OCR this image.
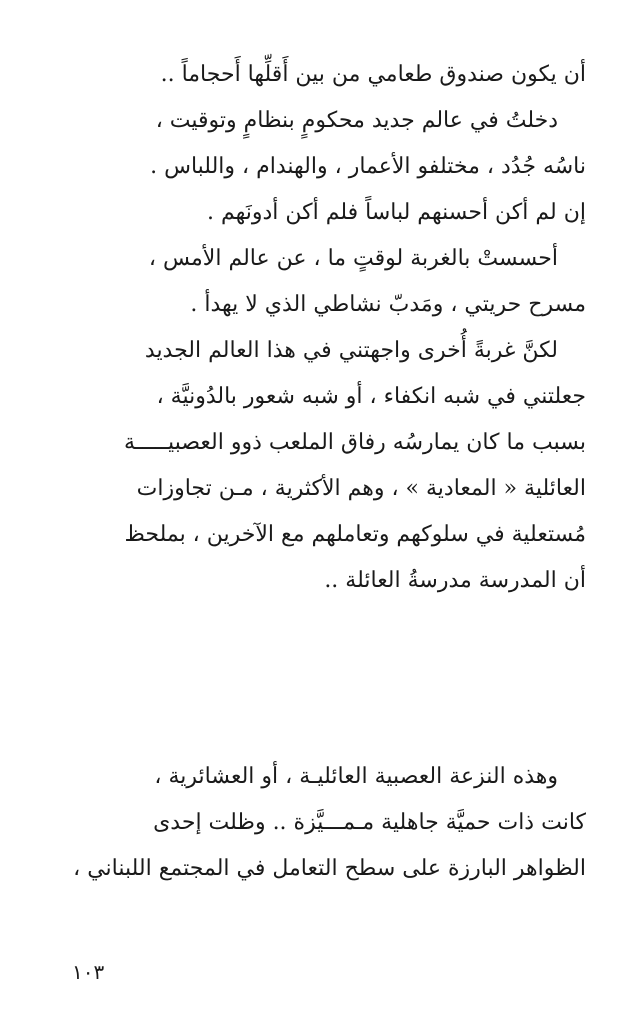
أن يكون صندوق طعامي من بين أَقلِّها أَحجاماً ..
دخلتُ في عالم جديد محكومٍ بنظامٍ وتوقيت ،
ناسُه جُدُد ، مختلفو الأعمار ، والهندام ، واللباس .
إن لم أكن أحسنهم لباساً فلم أكن أدونَهم .
أحسستْ بالغربة لوقتٍ ما ، عن عالم الأمس ،
مسرح حريتي ، ومَدبّ نشاطي الذي لا يهدأ .
لكنَّ غربةً أُخرى واجهتني في هذا العالم الجديد
جعلتني في شبه انكفاء ، أو شبه شعور بالدُونيَّة ،
بسبب ما كان يمارسُه رفاق الملعب ذوو العصبيـــــة
العائلية « المعادية » ، وهم الأكثرية ، مـن تجاوزات
مُستعلية في سلوكهم وتعاملهم مع الآخرين ، بملحظ
أن المدرسة مدرسةُ العائلة ..
وهذه النزعة العصبية العائليـة ، أو العشائرية ،
كانت ذات حميَّة جاهلية مـمـــيَّزة .. وظلت إحدى
الظواهر البارزة على سطح التعامل في المجتمع اللبناني ،
١٠٣
